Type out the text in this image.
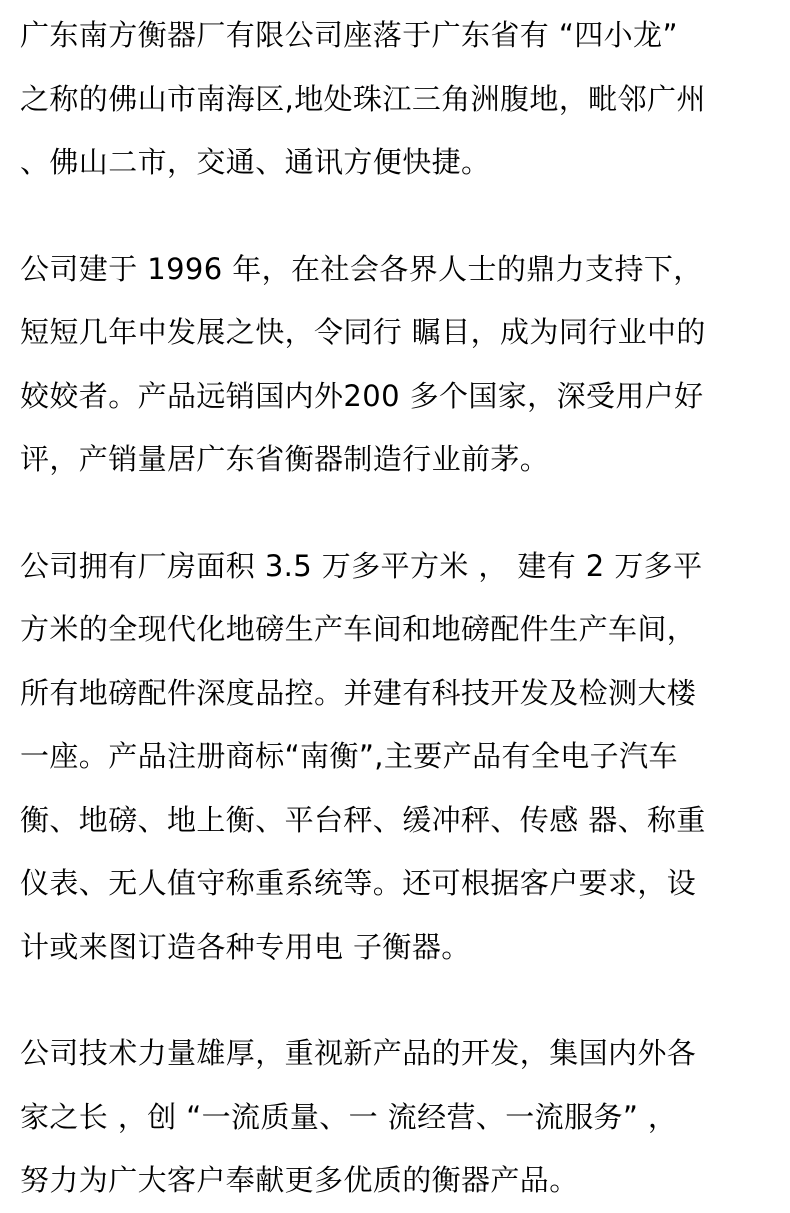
广东南方衡器厂有限公司座落于广东省有 “四小龙”
之称的佛山市南海区,地处珠江三角洲腹地，毗邻广州
、佛山二市，交通、通讯方便快捷。
公司建于 1996 年，在社会各界人士的鼎力支持下，
短短几年中发展之快，令同行 瞩目，成为同行业中的
姣姣者。产品远销国内外200 多个国家，深受用户好
评，产销量居广东省衡器制造行业前茅。
公司拥有厂房面积 3.5 万多平方米 ， 建有 2 万多平
方米的全现代化地磅生产车间和地磅配件生产车间，
所有地磅配件深度品控。并建有科技开发及检测大楼
一座。产品注册商标“南衡”,主要产品有全电子汽车
衡、地磅、地上衡、平台秤、缓冲秤、传感 器、称重
仪表、无人值守称重系统等。还可根据客户要求，设
计或来图订造各种专用电 子衡器。
公司技术力量雄厚，重视新产品的开发，集国内外各
家之长 ，创 “一流质量、一 流经营、一流服务” ，
努力为广大客户奉献更多优质的衡器产品。
